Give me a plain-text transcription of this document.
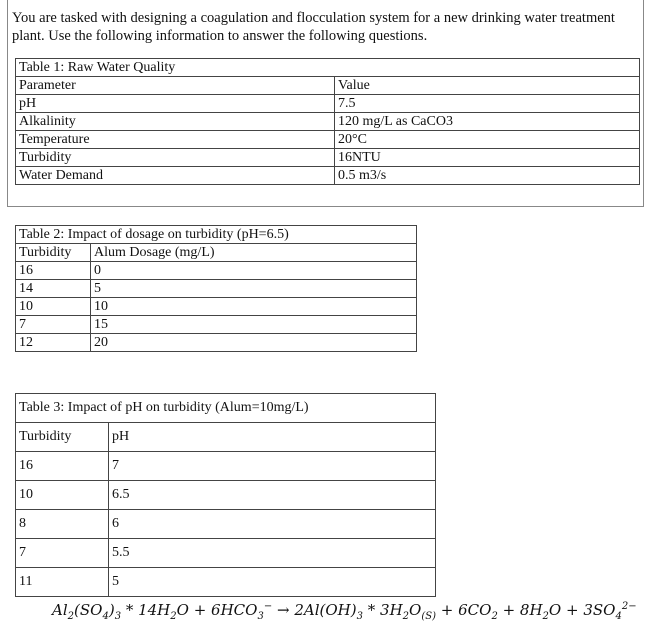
You are tasked with designing a coagulation and flocculation system for a new drinking water treatment plant. Use the following information to answer the following questions.
Table 1: Raw Water Quality	
Parameter	Value
pH	7.5
Alkalinity	120 mg/L as CaCO3
Temperature	20°C
Turbidity	16NTU
Water Demand	0.5 m3/s
Table 2: Impact of dosage on turbidity (pH=6.5)	
Turbidity	Alum Dosage (mg/L)
16	0
14	5
10	10
7	15
12	20
Table 3: Impact of pH on turbidity (Alum=10mg/L)	
Turbidity	pH
16	7
10	6.5
8	6
7	5.5
11	5
$Al_2(SO_4)_3 * 14H_2O + 6HCO_3^- \to 2Al(OH)_3 * 3H_2O_{(S)} + 6CO_2 + 8H_2O + 3SO_4^{2-}$
